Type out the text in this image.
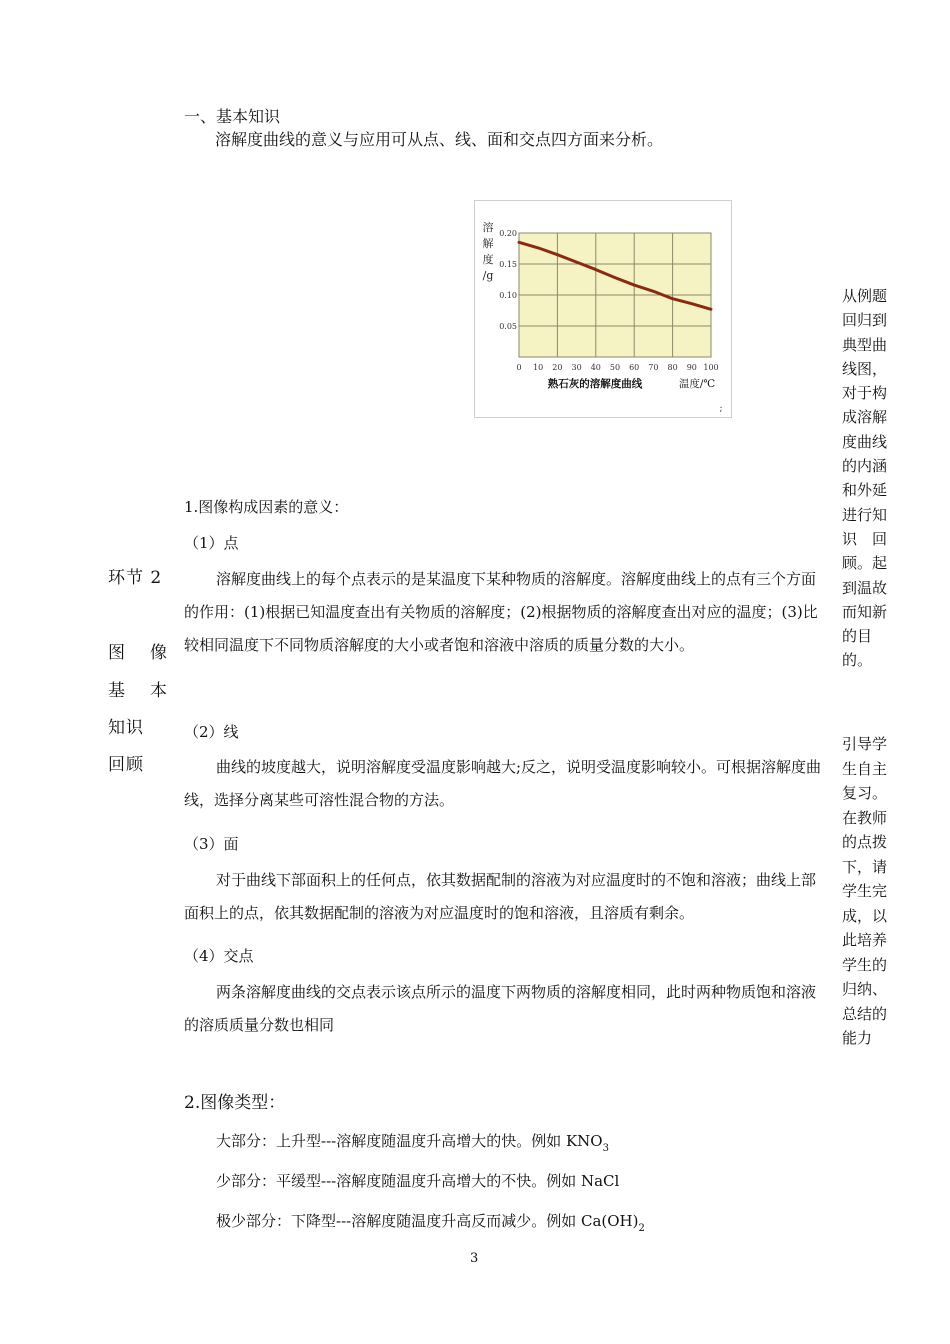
一、基本知识
溶解度曲线的意义与应用可从点、线、面和交点四方面来分析。
0 10 20 30 40 50 60 70 80 90 100
0.20
0.15
0.10
0.05
溶
解
度
/g
熟石灰的溶解度曲线	温度/℃
;
1.图像构成因素的意义：
（1）点
溶解度曲线上的每个点表示的是某温度下某种物质的溶解度。溶解度曲线上的点有三个方面的作用：(1)根据已知温度查出有关物质的溶解度；(2)根据物质的溶解度查出对应的温度；(3)比较相同温度下不同物质溶解度的大小或者饱和溶液中溶质的质量分数的大小。
（2）线
曲线的坡度越大，说明溶解度受温度影响越大;反之，说明受温度影响较小。可根据溶解度曲线，选择分离某些可溶性混合物的方法。
（3）面
对于曲线下部面积上的任何点，依其数据配制的溶液为对应温度时的不饱和溶液；曲线上部面积上的点，依其数据配制的溶液为对应温度时的饱和溶液，且溶质有剩余。
（4）交点
两条溶解度曲线的交点表示该点所示的温度下两物质的溶解度相同，此时两种物质饱和溶液的溶质质量分数也相同
环节 2
图　像
基　本
知识
回顾
从例题回归到典型曲线图，对于构成溶解度曲线的内涵和外延进行知识　回顾。起到温故而知新的目的。
引导学生自主复习。在教师的点拨下，请学生完成，以此培养学生的归纳、总结的能力
2.图像类型：
大部分：上升型---溶解度随温度升高增大的快。例如 $KNO_3$
少部分：平缓型---溶解度随温度升高增大的不快。例如 NaCl
极少部分：下降型---溶解度随温度升高反而减少。例如 $Ca(OH)_2$
3
